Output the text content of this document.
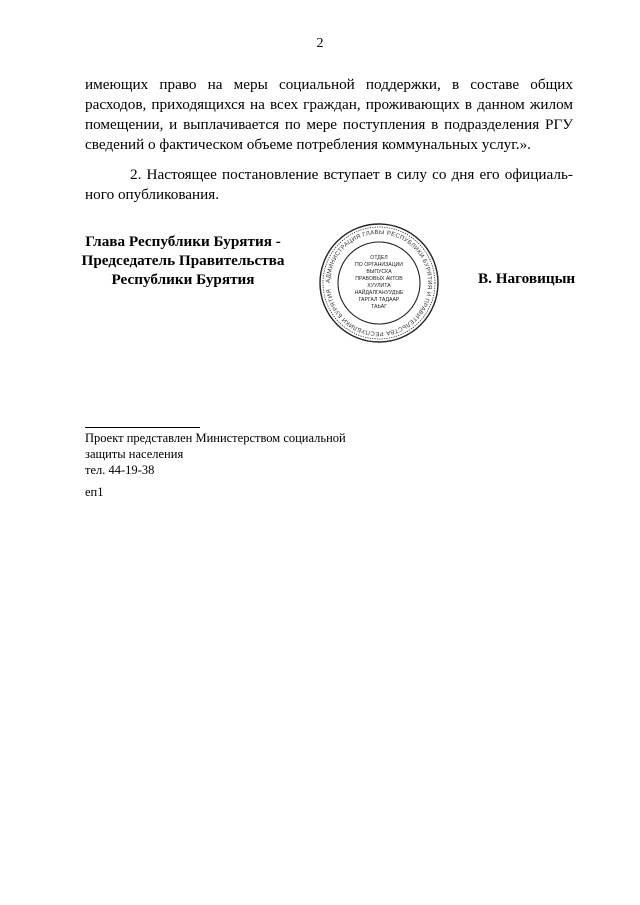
2
имеющих право на меры социальной поддержки, в составе общих
расходов, приходящихся на всех граждан, проживающих в данном жилом
помещении, и выплачивается по мере поступления в подразделения РГУ
сведений о фактическом объеме потребления коммунальных услуг.».
2. Настоящее постановление вступает в силу со дня его официаль-
ного опубликования.
Глава Республики Бурятия -
Председатель Правительства
Республики Бурятия	АДМИНИСТРАЦИЯ ГЛАВЫ РЕСПУБЛИКИ БУРЯТИЯ И ПРАВИТЕЛЬСТВА РЕСПУБЛИКИ БУРЯТИЯ
ОТДЕЛ
ПО ОРГАНИЗАЦИИ
ВЫПУСКА
ПРАВОВЫХ АКТОВ
ХУУЛИТА
НАЙДАЛГАНУУДЫЕ
ГАРГАЛ ТАДААР
ТАЬАГ
В. Наговицын
Проект представлен Министерством социальной
защиты населения
тел. 44-19-38
еп1
